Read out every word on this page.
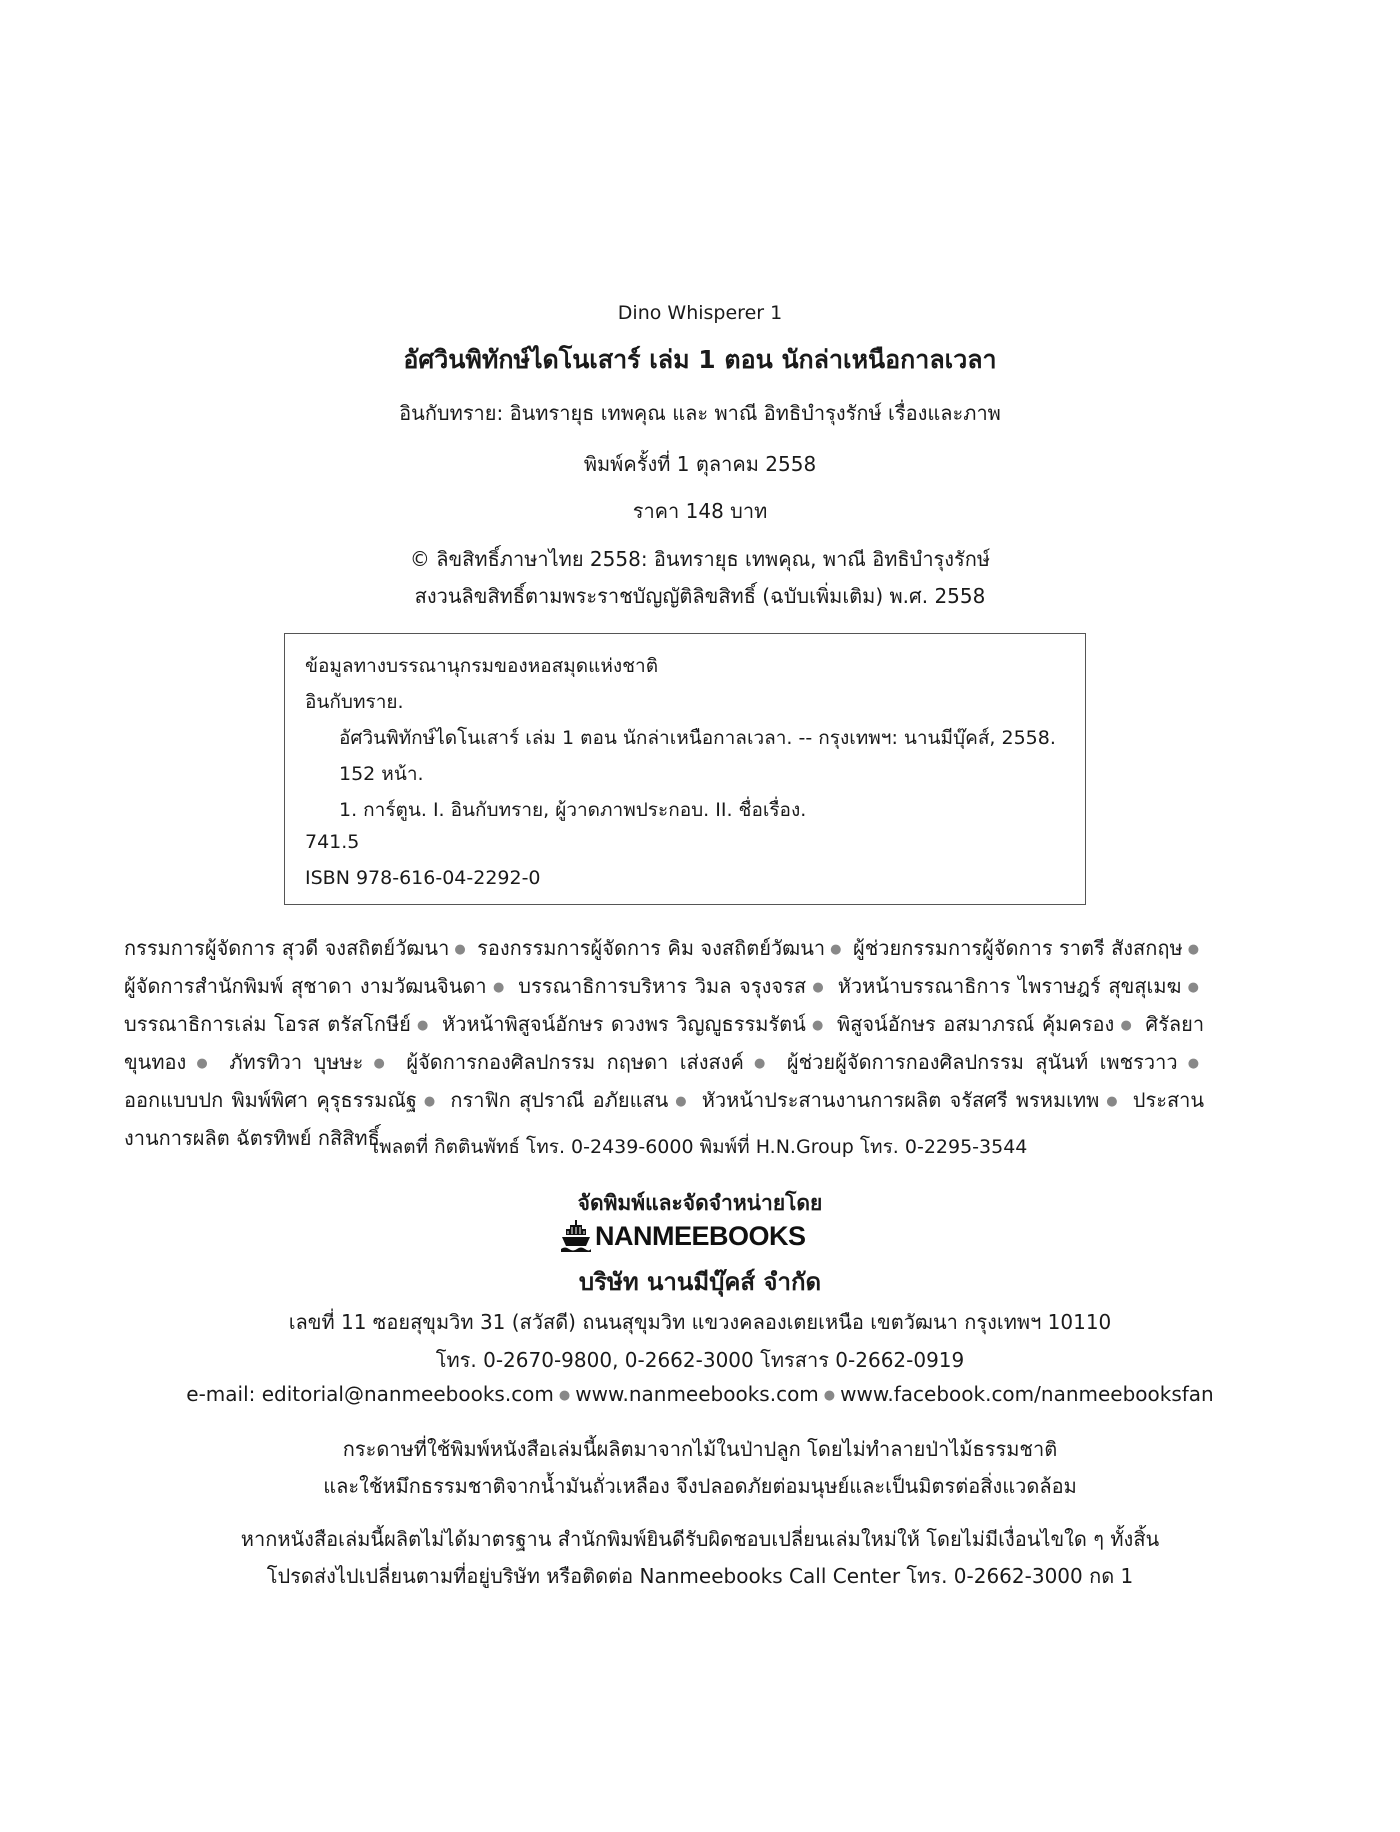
Dino Whisperer 1
อัศวินพิทักษ์ไดโนเสาร์ เล่ม 1 ตอน นักล่าเหนือกาลเวลา
อินกับทราย: อินทรายุธ เทพคุณ และ พาณี อิทธิบำรุงรักษ์ เรื่องและภาพ
พิมพ์ครั้งที่ 1 ตุลาคม 2558
ราคา 148 บาท
© ลิขสิทธิ์ภาษาไทย 2558: อินทรายุธ เทพคุณ, พาณี อิทธิบำรุงรักษ์
สงวนลิขสิทธิ์ตามพระราชบัญญัติลิขสิทธิ์ (ฉบับเพิ่มเติม) พ.ศ. 2558
ข้อมูลทางบรรณานุกรมของหอสมุดแห่งชาติ
อินกับทราย.
อัศวินพิทักษ์ไดโนเสาร์ เล่ม 1 ตอน นักล่าเหนือกาลเวลา. -- กรุงเทพฯ: นานมีบุ๊คส์, 2558.
152 หน้า.
1. การ์ตูน. I. อินกับทราย, ผู้วาดภาพประกอบ. II. ชื่อเรื่อง.
741.5
ISBN 978-616-04-2292-0
กรรมการผู้จัดการ สุวดี จงสถิตย์วัฒนา ● รองกรรมการผู้จัดการ คิม จงสถิตย์วัฒนา ● ผู้ช่วยกรรมการผู้จัดการ ราตรี สังสกฤษ ● ผู้จัดการสำนักพิมพ์ สุชาดา งามวัฒนจินดา ● บรรณาธิการบริหาร วิมล จรุงจรส ● หัวหน้าบรรณาธิการ ไพราษฎร์ สุขสุเมฆ ● บรรณาธิการเล่ม โอรส ตรัสโกษีย์ ● หัวหน้าพิสูจน์อักษร ดวงพร วิญญูธรรมรัตน์ ● พิสูจน์อักษร อสมาภรณ์ คุ้มครอง ● ศิรัลยา ขุนทอง ● ภัทรทิวา บุษษะ ● ผู้จัดการกองศิลปกรรม กฤษดา เส่งสงค์ ● ผู้ช่วยผู้จัดการกองศิลปกรรม สุนันท์ เพชรวาว ● ออกแบบปก พิมพ์พิศา คุรุธรรมณัฐ ● กราฟิก สุปราณี อภัยแสน ● หัวหน้าประสานงานการผลิต จรัสศรี พรหมเทพ ● ประสานงานการผลิต ฉัตรทิพย์ กสิสิทธิ์
เพลตที่ กิตตินพัทธ์ โทร. 0-2439-6000 พิมพ์ที่ H.N.Group โทร. 0-2295-3544
จัดพิมพ์และจัดจำหน่ายโดย
NANMEEBOOKS
บริษัท นานมีบุ๊คส์ จำกัด
เลขที่ 11 ซอยสุขุมวิท 31 (สวัสดี) ถนนสุขุมวิท แขวงคลองเตยเหนือ เขตวัฒนา กรุงเทพฯ 10110
โทร. 0-2670-9800, 0-2662-3000 โทรสาร 0-2662-0919
e-mail: editorial@nanmeebooks.com ● www.nanmeebooks.com ● www.facebook.com/nanmeebooksfan
กระดาษที่ใช้พิมพ์หนังสือเล่มนี้ผลิตมาจากไม้ในป่าปลูก โดยไม่ทำลายป่าไม้ธรรมชาติ
และใช้หมึกธรรมชาติจากน้ำมันถั่วเหลือง จึงปลอดภัยต่อมนุษย์และเป็นมิตรต่อสิ่งแวดล้อม
หากหนังสือเล่มนี้ผลิตไม่ได้มาตรฐาน สำนักพิมพ์ยินดีรับผิดชอบเปลี่ยนเล่มใหม่ให้ โดยไม่มีเงื่อนไขใด ๆ ทั้งสิ้น
โปรดส่งไปเปลี่ยนตามที่อยู่บริษัท หรือติดต่อ Nanmeebooks Call Center โทร. 0-2662-3000 กด 1
